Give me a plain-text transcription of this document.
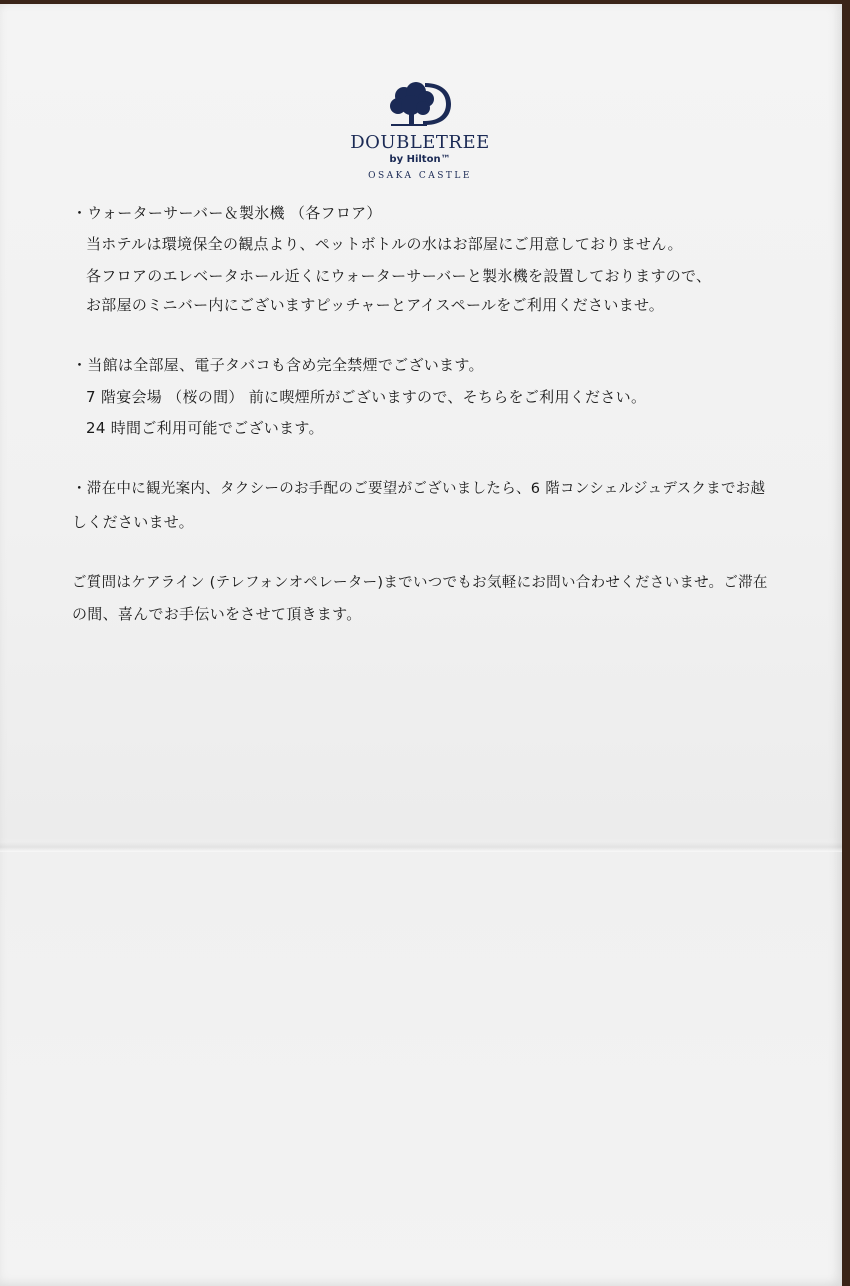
DOUBLETREE
by Hilton™
OSAKA CASTLE
・ウォーターサーバー＆製氷機 （各フロア）
当ホテルは環境保全の観点より、ペットボトルの水はお部屋にご用意しておりません。
各フロアのエレベータホール近くにウォーターサーバーと製氷機を設置しておりますので、
お部屋のミニバー内にございますピッチャーとアイスペールをご利用くださいませ。
・当館は全部屋、電子タバコも含め完全禁煙でございます。
7 階宴会場 （桜の間） 前に喫煙所がございますので、そちらをご利用ください。
24 時間ご利用可能でございます。
・滞在中に観光案内、タクシーのお手配のご要望がございましたら、6 階コンシェルジュデスクまでお越
しくださいませ。
ご質問はケアライン (テレフォンオペレーター)までいつでもお気軽にお問い合わせくださいませ。ご滞在
の間、喜んでお手伝いをさせて頂きます。
